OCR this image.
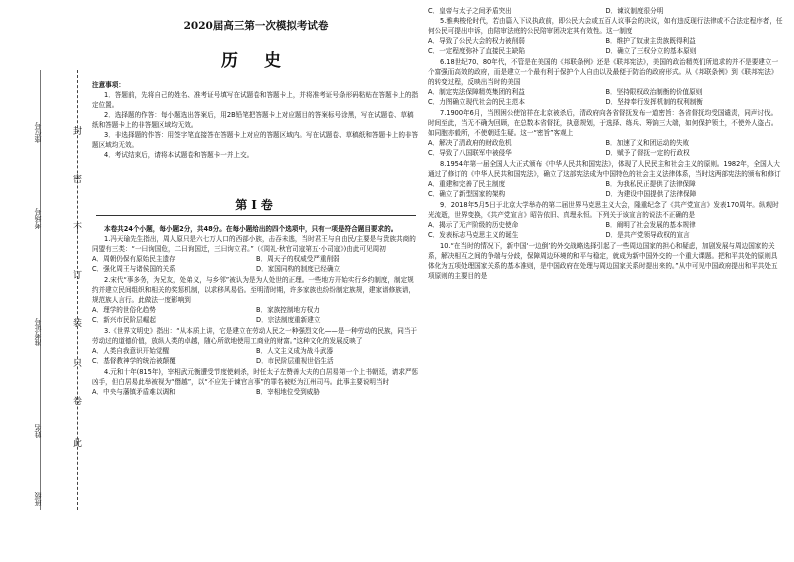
封
密
不
订
装
只
卷
此
座位号
准考证号
考场号
姓名
班级
2020届高三第一次模拟考试卷
历 史

注意事项：

1．答题前，先将自己的姓名、准考证号填写在试题卷和答题卡上，并将准考证号条形码粘贴在答题卡上的指定位置。

2．选择题的作答：每小题选出答案后，用2B铅笔把答题卡上对应题目的答案标号涂黑，写在试题卷、草稿纸和答题卡上的非答题区域均无效。

3．非选择题的作答：用签字笔直接答在答题卡上对应的答题区域内。写在试题卷、草稿纸和答题卡上的非答题区域均无效。

4．考试结束后，请将本试题卷和答题卡一并上交。

第Ⅰ卷

本卷共24个小题，每小题2分，共48分。在每小题给出的四个选项中，只有一项是符合题目要求的。

1.冯天瑜先生指出，周人原只是六七万人口的西部小族，击吞未逃，当时君王与自由民/主要是与贵族共商的同盟有三类：“一曰询国危，二曰询国迁，三曰询立君。”（《周礼·秋官司寇第五·小司寇》)由此可见周初

A．周朝仍保有原始民主遗存	B．周天子的权威受严重削弱
C．强化周王与诸侯国的关系	D．家国同构的制度已经确立

2.宋代“事多务，为兄友，处弟义，与乡邻”被认为是为人处世的正理。一些地方开始实行乡约制度，制定规约并建立民间组织和相关的奖惩机制，以求移风易俗。至明清时期，许多家族也纷纷制定族规，建家谱修族谱，规范族人言行。此做法一度影响到

A．理学的世俗化趋势	B．家族控制地方权力
C．新兴市民阶层崛起	D．宗法制度重新建立

3.《世界文明史》指出：“从本质上讲，它是建立在劳动人民之一种强烈文化——是一种劳动的民族，同当于劳动过的道德价值，放纵人类的卓越，随心所欲地使用工商业的财富。”这种文化的发展反映了

A．人类自我意识开始觉醒	B．人文主义成为战斗武器
C．基督教神学的统治被颠覆	D．市民阶层重视世俗生活

4.元和十年(815年)，宰相武元衡遭受节度使刺杀，时任太子左赞善大夫的白居易第一个上书朝廷，请求严惩凶手，但白居易此举被视为“僭越”，以“不应先于谏官言事”的罪名被贬为江州司马。此事主要说明当时

A．中央与藩镇矛盾难以调和	B．宰相地位受到威胁
C．皇帝与太子之间矛盾突出	D．谏议制度很分明

5.雅典梭伦时代，若由篇入下议执政前，即公民大会或五百人议事会的决议，如有违反现行法律或不合法定程序者，任何公民可提出申诉，由陪审法庭的公民陪审团决定其有效性。这一制度

A．导致了公民大会的权力被削弱	B．维护了奴隶主贵族既得利益
C．一定程度弥补了直接民主缺陷	D．确立了三权分立的基本原则

6.18世纪70、80年代，不管是在美国的《邦联条例》还是《联邦宪法》，美国的政治精英们所追求的并不是要建立一个富强而高效的政府，而是建立一个最有利于保护个人自由以及最便于防治的政府形式。从《邦联条例》到《联邦宪法》的转变过程，反映出当时的美国

A．制定宪法保障精英集团的利益	B．坚持限权政治制衡的价值原则
C．力图确立现代社会的民主范本	D．坚持奉行发挥机制的权利制衡

7.1900年6月，当围困公使馆祥在北京被杀后，清政府向各省督抚发布一道密旨：各省督抚均受国谴责，同声讨伐。时间至此，当无不确为回顾，在总数本省督抚，执意规划，于选择、练兵、筹饷三大端，如何保护领土，不使外人盗占。如同胞亦毅所，不使朝廷生疑。这一“密旨”客观上

A．解决了清政府的财政危机	B．加速了义和团运动的失败
C．导致了八国联军中被侵华	D．赋予了督抚一定的行政权

8.1954年第一届全国人大正式颁布《中华人民共和国宪法》，体现了人民民主和社会主义的原则。1982年，全国人大通过了修订的《中华人民共和国宪法》，确立了这部宪法成为中国特色的社会主义法律体系，当时这两部宪法的颁布和修订

A．重建和完善了民主制度	B．为我私民正提供了法律保障
C．确立了新型国家的架构	D．为建设中国提供了法律保障

9．2018年5月5日于北京大学举办的第二届世界马克思主义大会，隆重纪念了《共产党宣言》发表170周年。纵观时光流逝，世界变换，《共产党宣言》昭告依旧、真理永恒。下列关于该宣言的说法不正确的是

A．揭示了无产阶级的历史使命	B．阐明了社会发展的基本规律
C．发表标志马克思主义的诞生	D．是共产党领导政权的宣言

10.“在当时的情况下，新中国‘一边倒’的外交战略选择引起了一些周边国家的担心和疑虑，加剧发展与周边国家的关系，解决相互之间的争端与分歧，保障周边环境的和平与稳定，就成为新中国外交的一个重大课题。把和平共处的原则具体化为五项处理国家关系的基本准则，是中国政府在处理与周边国家关系时提出来的。”从中可见中国政府提出和平共处五项原则的主要目的是
